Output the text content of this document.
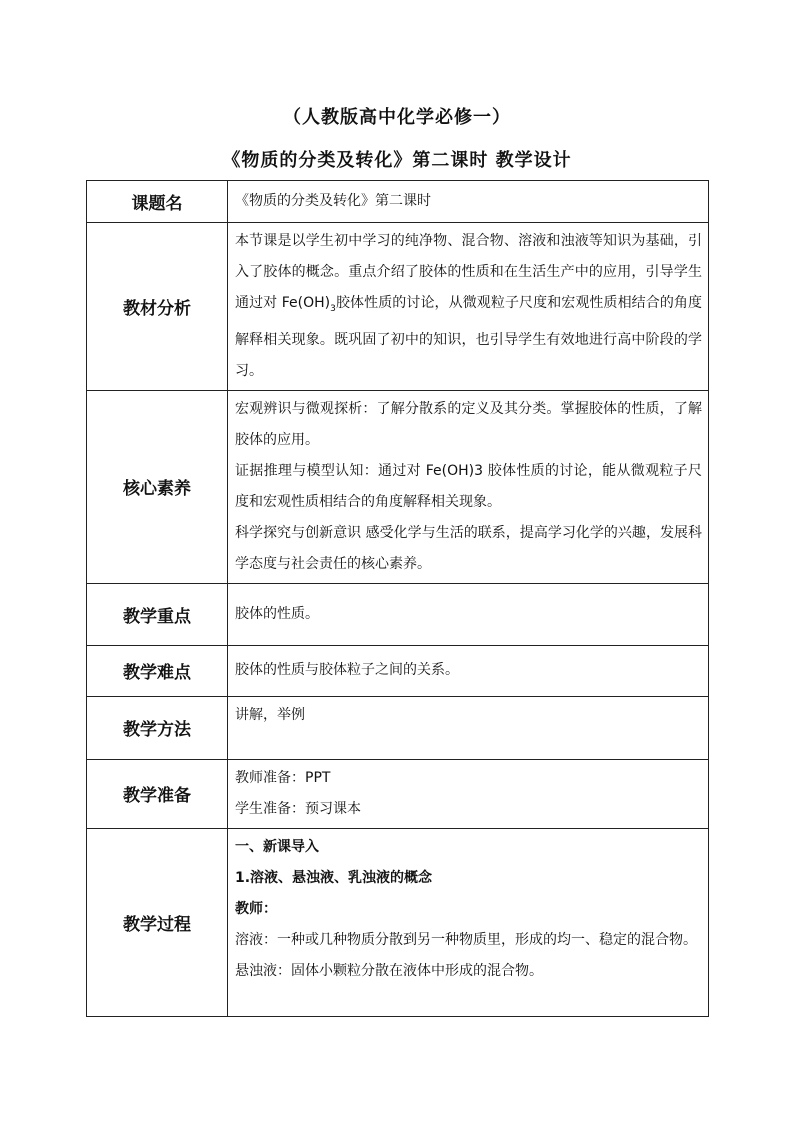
（人教版高中化学必修一）
《物质的分类及转化》第二课时 教学设计
课题名	《物质的分类及转化》第二课时
教材分析	本节课是以学生初中学习的纯净物、混合物、溶液和浊液等知识为基础，引入了胶体的概念。重点介绍了胶体的性质和在生活生产中的应用，引导学生通过对 $Fe(OH)_3$胶体性质的讨论，从微观粒子尺度和宏观性质相结合的角度解释相关现象。既巩固了初中的知识，也引导学生有效地进行高中阶段的学习。
核心素养	宏观辨识与微观探析：了解分散系的定义及其分类。掌握胶体的性质，了解胶体的应用。

证据推理与模型认知：通过对 Fe(OH)3 胶体性质的讨论，能从微观粒子尺度和宏观性质相结合的角度解释相关现象。

科学探究与创新意识 感受化学与生活的联系，提高学习化学的兴趣，发展科学态度与社会责任的核心素养。

教学重点	胶体的性质。
教学难点	胶体的性质与胶体粒子之间的关系。
教学方法	讲解，举例
教学准备	教师准备：PPT

学生准备：预习课本

教学过程	一、新课导入

1.溶液、悬浊液、乳浊液的概念

教师：

溶液：一种或几种物质分散到另一种物质里，形成的均一、稳定的混合物。

悬浊液：固体小颗粒分散在液体中形成的混合物。
